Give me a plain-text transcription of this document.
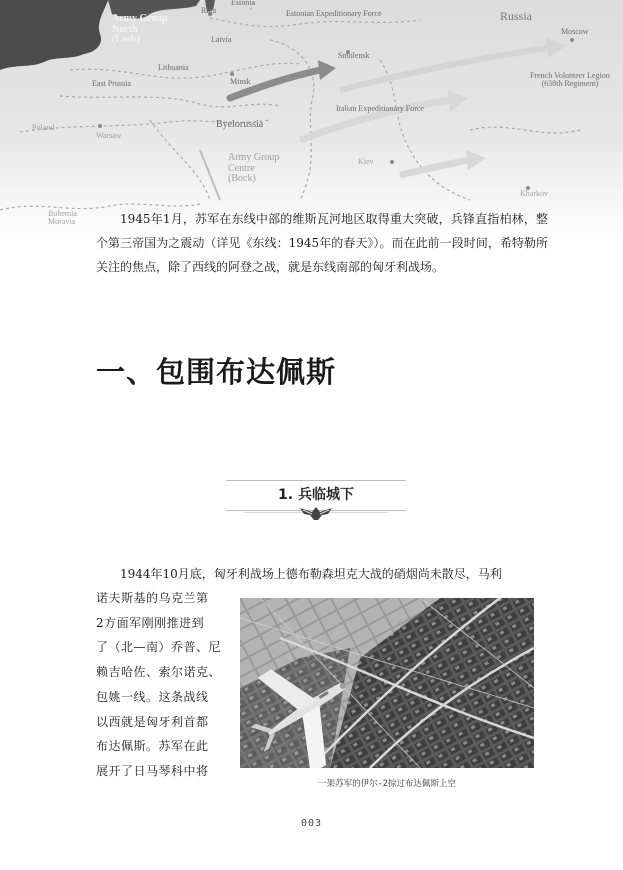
Army Group
North
(Leeb)
Riga
Estonia
Estonian Expeditionary Force	Russia
Latvia
Moscow
Smolensk
Lithuania
East Prussia	Minsk
French Volunteer Legion
(638th Regiment)
Italian Expeditionary Force
Byelorussia
Poland
Warsaw
Army Group
Centre
(Bock)
Kiev
Kharkov
Bohemia
Moravia	1945年1月，苏军在东线中部的维斯瓦河地区取得重大突破，兵锋直指柏林，整个第三帝国为之震动（详见《东线：1945年的春天》）。而在此前一段时间，希特勒所关注的焦点，除了西线的阿登之战，就是东线南部的匈牙利战场。

一、包围布达佩斯
1. 兵临城下
1944年10月底，匈牙利战场上德布勒森坦克大战的硝烟尚未散尽，马利
诺夫斯基的乌克兰第
2方面军刚刚推进到
了（北—南）乔普、尼
赖吉哈佐、索尔诺克、
包姚一线。这条战线
以西就是匈牙利首都
布达佩斯。苏军在此
展开了日马琴科中将
一架苏军的伊尔-2掠过布达佩斯上空
003
